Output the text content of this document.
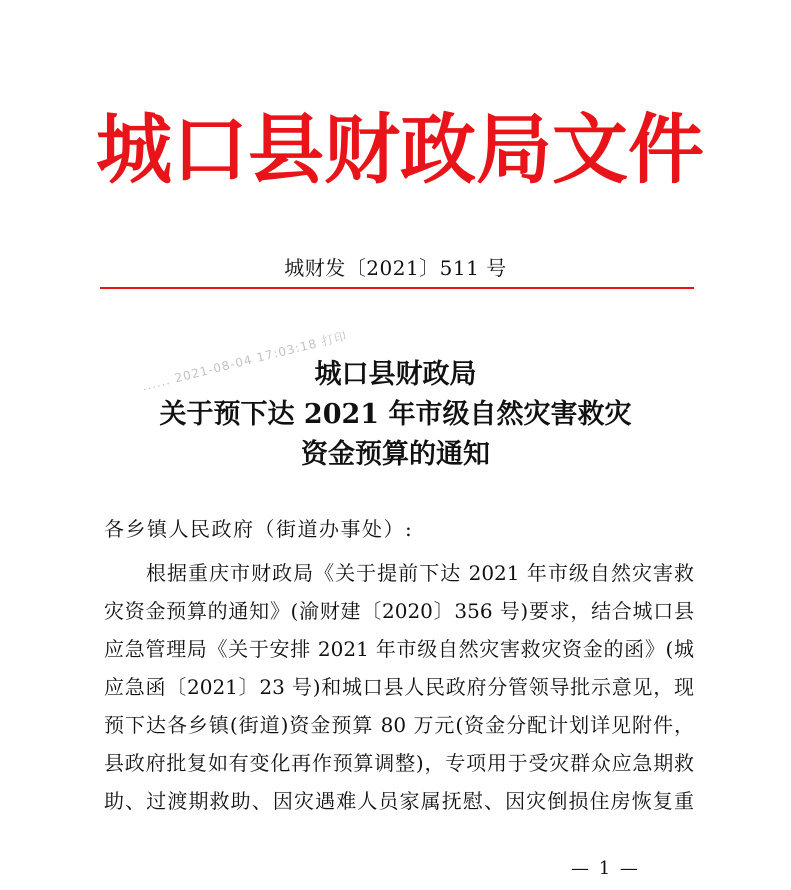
城 口 县 财 政 局 文 件
城财发〔2021〕511 号
...... 2021-08-04 17:03:18 打印
城口县财政局
关于预下达 2021 年市级自然灾害救灾
资金预算的通知
各乡镇人民政府（街道办事处）:
根据重庆市财政局《关于提前下达 2021 年市级自然灾害救
灾资金预算的通知》(渝财建〔2020〕356 号)要求，结合城口县
应急管理局《关于安排 2021 年市级自然灾害救灾资金的函》(城
应急函〔2021〕23 号)和城口县人民政府分管领导批示意见，现
预下达各乡镇(街道)资金预算 80 万元(资金分配计划详见附件，
县政府批复如有变化再作预算调整)，专项用于受灾群众应急期救
助、过渡期救助、因灾遇难人员家属抚慰、因灾倒损住房恢复重
— 1 —
